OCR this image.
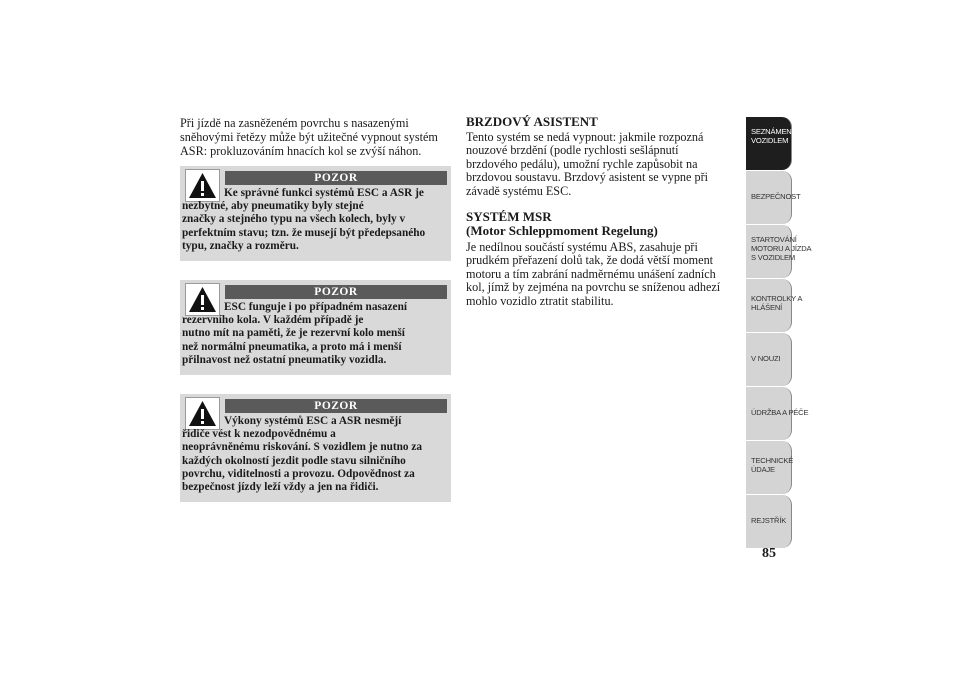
Při jízdě na zasněženém povrchu s nasazenými
sněhovými řetězy může být užitečné vypnout systém
ASR: prokluzováním hnacích kol se zvýší náhon.

POZOR

Ke správné funkci systémů ESC a ASR je
nezbytné, aby pneumatiky byly stejné
značky a stejného typu na všech kolech, byly v
perfektním stavu; tzn. že musejí být předepsaného
typu, značky a rozměru.

POZOR

ESC funguje i po případném nasazení
rezervního kola. V každém případě je
nutno mít na paměti, že je rezervní kolo menší
než normální pneumatika, a proto má i menší
přilnavost než ostatní pneumatiky vozidla.

POZOR

Výkony systémů ESC a ASR nesmějí
řidiče vést k nezodpovědnému a
neoprávněnému riskování. S vozidlem je nutno za
každých okolností jezdit podle stavu silničního
povrchu, viditelnosti a provozu. Odpovědnost za
bezpečnost jízdy leží vždy a jen na řidiči.

BRZDOVÝ ASISTENT

Tento systém se nedá vypnout: jakmile rozpozná
nouzové brzdění (podle rychlosti sešlápnutí
brzdového pedálu), umožní rychle zapůsobit na
brzdovou soustavu. Brzdový asistent se vypne při
závadě systému ESC.

SYSTÉM MSR
(Motor Schleppmoment Regelung)

Je nedílnou součástí systému ABS, zasahuje při
prudkém přeřazení dolů tak, že dodá větší moment
motoru a tím zabrání nadměrnému unášení zadních
kol, jímž by zejména na povrchu se sníženou adhezí
mohlo vozidlo ztratit stabilitu.

SEZNÁMENÍ S
VOZIDLEM
BEZPEČNOST
STARTOVÁNÍ
MOTORU A JÍZDA
S VOZIDLEM
KONTROLKY A
HLÁŠENÍ
V NOUZI
ÚDRŽBA A PÉČE
TECHNICKÉ
ÚDAJE
REJSTŘÍK
85
